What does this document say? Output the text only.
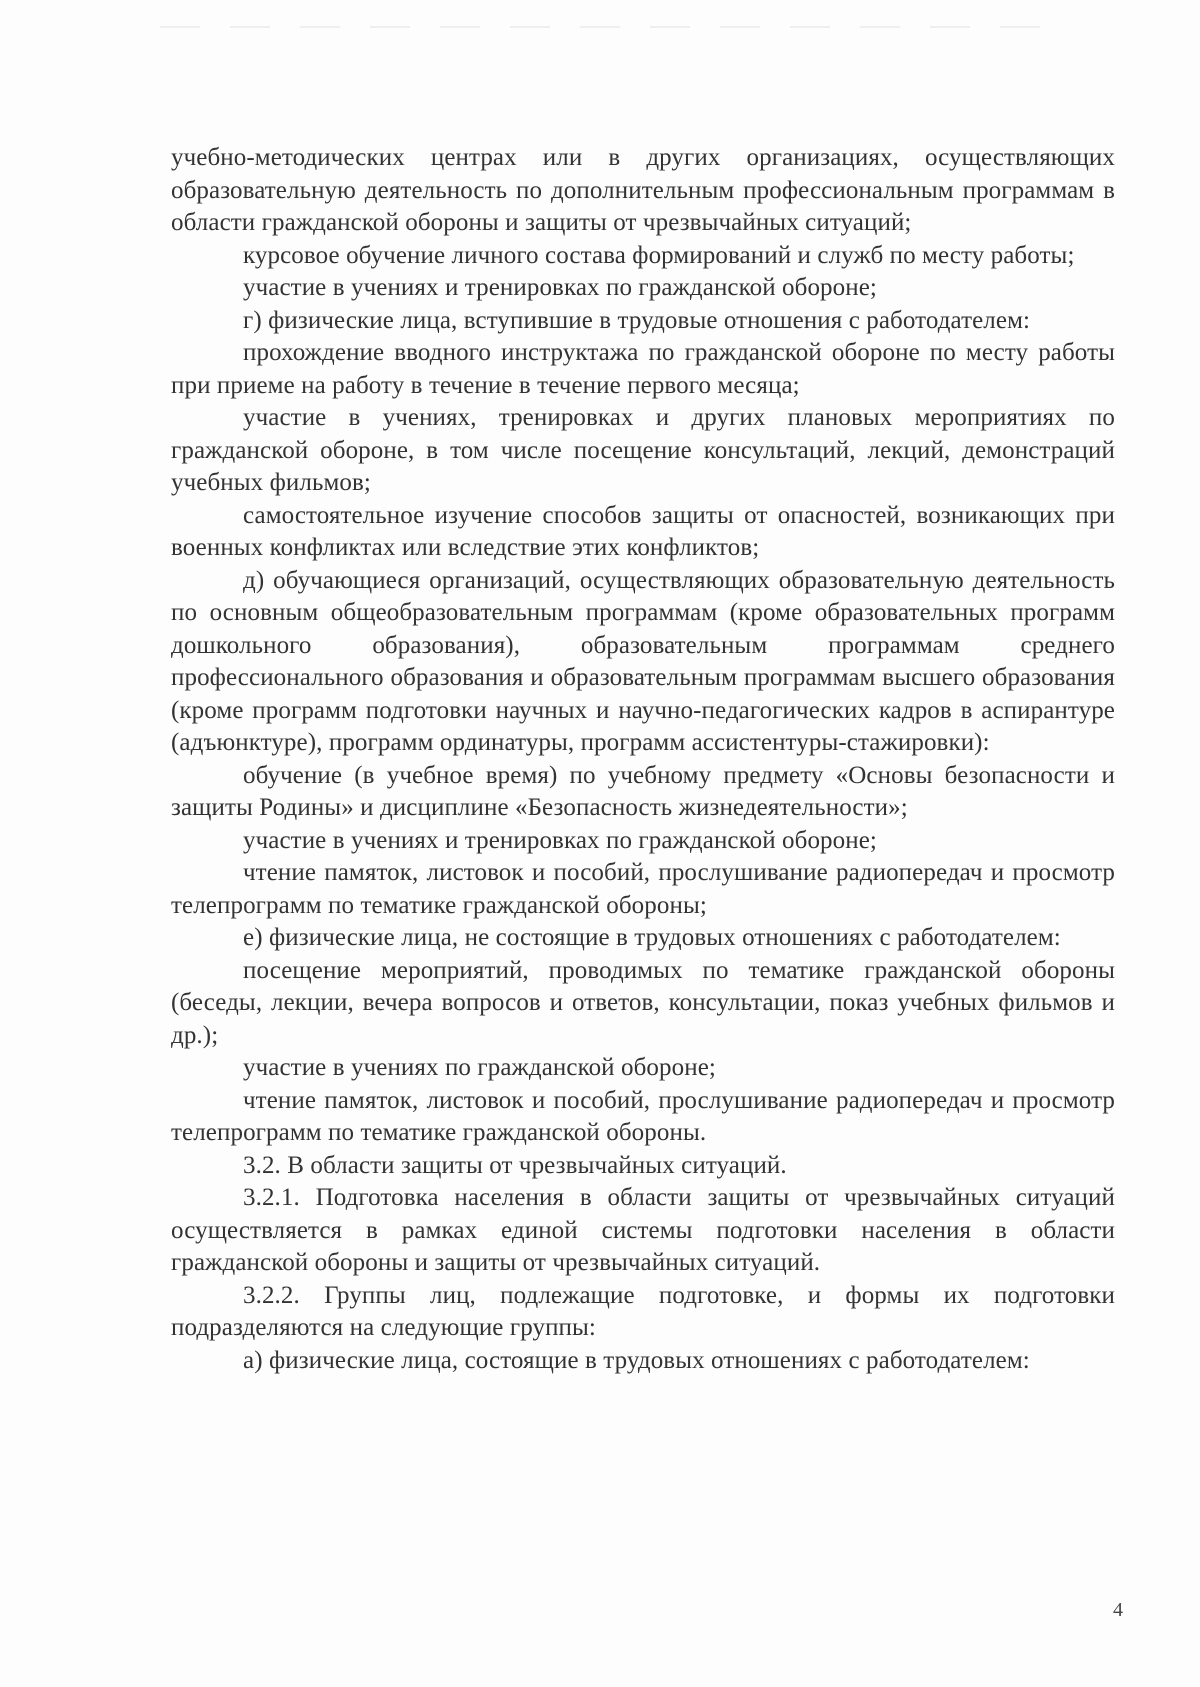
учебно-методических центрах или в других организациях, осуществляющих образовательную деятельность по дополнительным профессиональным программам в области гражданской обороны и защиты от чрезвычайных ситуаций;

курсовое обучение личного состава формирований и служб по месту работы;

участие в учениях и тренировках по гражданской обороне;

г) физические лица, вступившие в трудовые отношения с работодателем:

прохождение вводного инструктажа по гражданской обороне по месту работы при приеме на работу в течение в течение первого месяца;

участие в учениях, тренировках и других плановых мероприятиях по гражданской обороне, в том числе посещение консультаций, лекций, демонстраций учебных фильмов;

самостоятельное изучение способов защиты от опасностей, возникающих при военных конфликтах или вследствие этих конфликтов;

д) обучающиеся организаций, осуществляющих образовательную деятельность по основным общеобразовательным программам (кроме образовательных программ дошкольного образования), образовательным программам среднего профессионального образования и образовательным программам высшего образования (кроме программ подготовки научных и научно-педагогических кадров в аспирантуре (адъюнктуре), программ ординатуры, программ ассистентуры-стажировки):

обучение (в учебное время) по учебному предмету «Основы безопасности и защиты Родины» и дисциплине «Безопасность жизнедеятельности»;

участие в учениях и тренировках по гражданской обороне;

чтение памяток, листовок и пособий, прослушивание радиопередач и просмотр телепрограмм по тематике гражданской обороны;

е) физические лица, не состоящие в трудовых отношениях с работодателем:

посещение мероприятий, проводимых по тематике гражданской обороны (беседы, лекции, вечера вопросов и ответов, консультации, показ учебных фильмов и др.);

участие в учениях по гражданской обороне;

чтение памяток, листовок и пособий, прослушивание радиопередач и просмотр телепрограмм по тематике гражданской обороны.

3.2. В области защиты от чрезвычайных ситуаций.

3.2.1. Подготовка населения в области защиты от чрезвычайных ситуаций осуществляется в рамках единой системы подготовки населения в области гражданской обороны и защиты от чрезвычайных ситуаций.

3.2.2. Группы лиц, подлежащие подготовке, и формы их подготовки подразделяются на следующие группы:

а) физические лица, состоящие в трудовых отношениях с работодателем:

4
